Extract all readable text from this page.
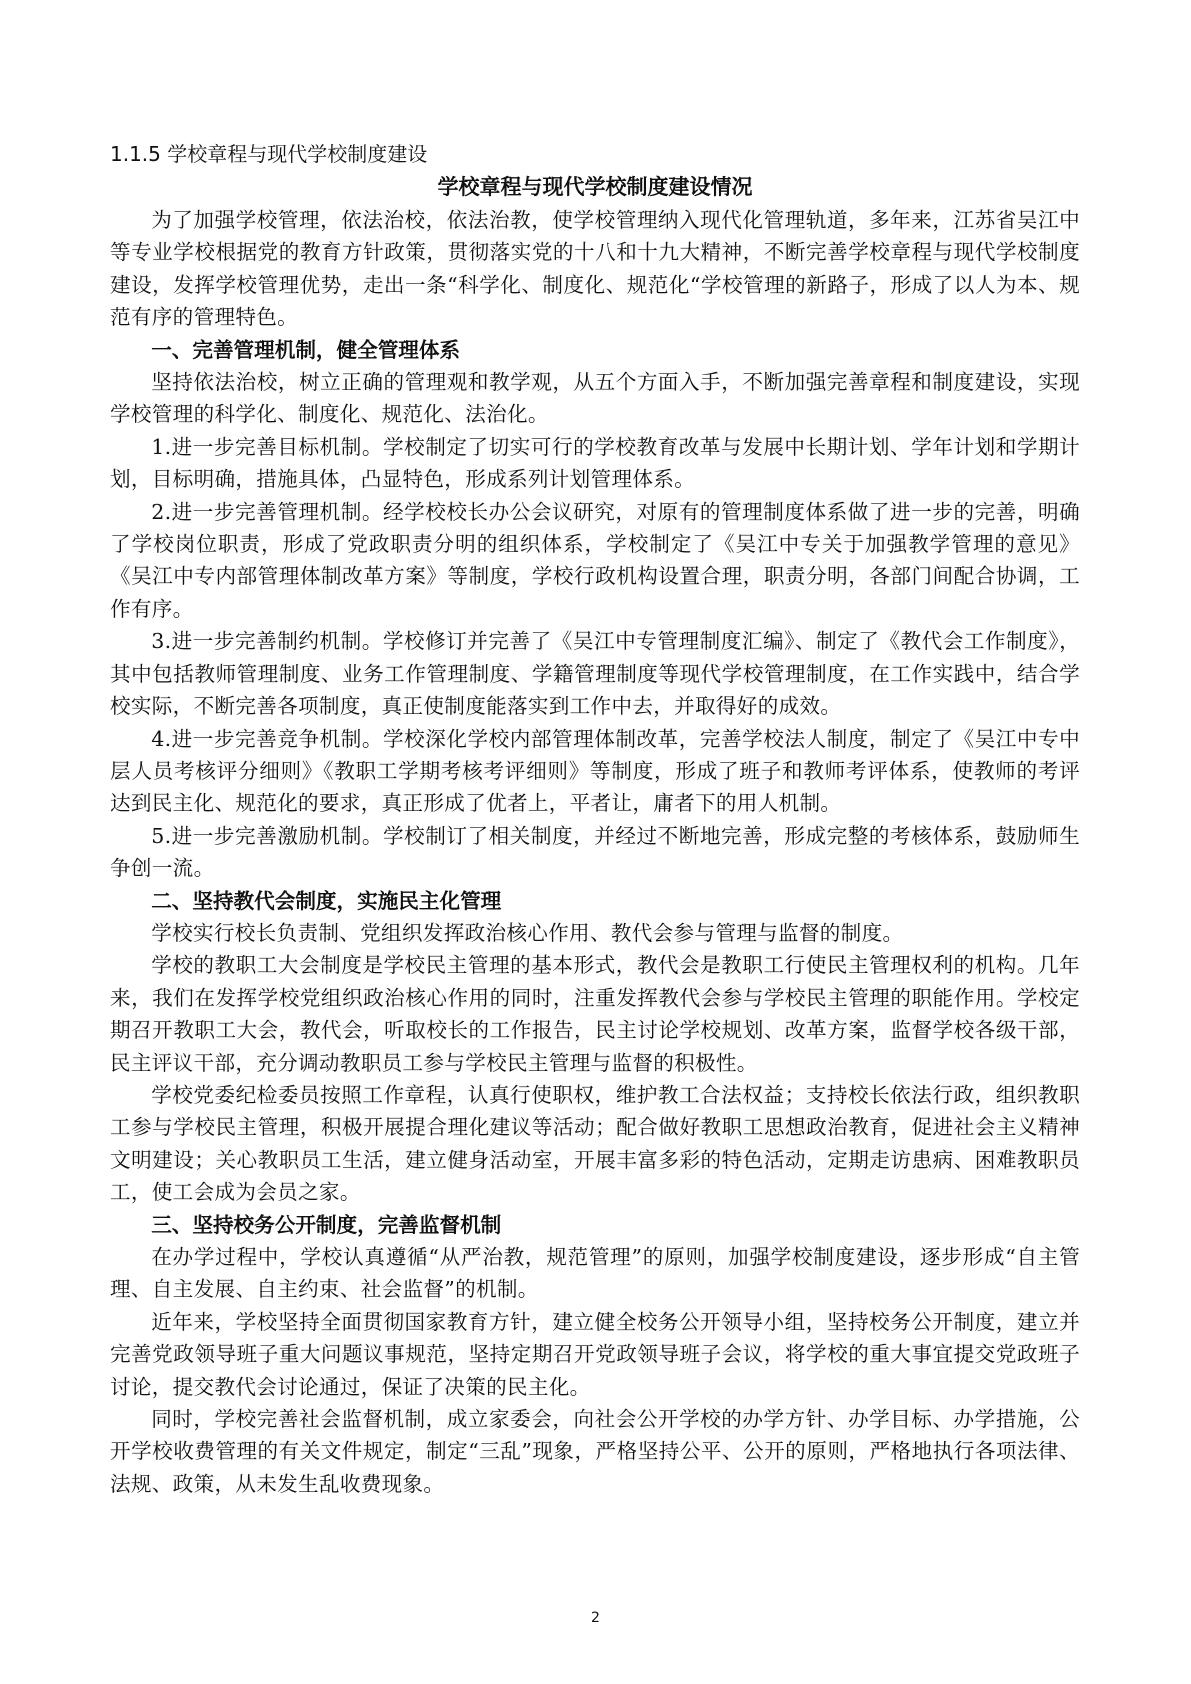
1.1.5 学校章程与现代学校制度建设
学校章程与现代学校制度建设情况

为了加强学校管理，依法治校，依法治教，使学校管理纳入现代化管理轨道，多年来，江苏省吴江中等专业学校根据党的教育方针政策，贯彻落实党的十八和十九大精神，不断完善学校章程与现代学校制度建设，发挥学校管理优势，走出一条“科学化、制度化、规范化“学校管理的新路子，形成了以人为本、规范有序的管理特色。

一、完善管理机制，健全管理体系

坚持依法治校，树立正确的管理观和教学观，从五个方面入手，不断加强完善章程和制度建设，实现学校管理的科学化、制度化、规范化、法治化。

1.进一步完善目标机制。学校制定了切实可行的学校教育改革与发展中长期计划、学年计划和学期计划，目标明确，措施具体，凸显特色，形成系列计划管理体系。

2.进一步完善管理机制。经学校校长办公会议研究，对原有的管理制度体系做了进一步的完善，明确了学校岗位职责，形成了党政职责分明的组织体系，学校制定了《吴江中专关于加强教学管理的意见》《吴江中专内部管理体制改革方案》等制度，学校行政机构设置合理，职责分明，各部门间配合协调，工作有序。

3.进一步完善制约机制。学校修订并完善了《吴江中专管理制度汇编》、制定了《教代会工作制度》，其中包括教师管理制度、业务工作管理制度、学籍管理制度等现代学校管理制度，在工作实践中，结合学校实际，不断完善各项制度，真正使制度能落实到工作中去，并取得好的成效。

4.进一步完善竞争机制。学校深化学校内部管理体制改革，完善学校法人制度，制定了《吴江中专中层人员考核评分细则》《教职工学期考核考评细则》等制度，形成了班子和教师考评体系，使教师的考评达到民主化、规范化的要求，真正形成了优者上，平者让，庸者下的用人机制。

5.进一步完善激励机制。学校制订了相关制度，并经过不断地完善，形成完整的考核体系，鼓励师生争创一流。

二、坚持教代会制度，实施民主化管理

学校实行校长负责制、党组织发挥政治核心作用、教代会参与管理与监督的制度。

学校的教职工大会制度是学校民主管理的基本形式，教代会是教职工行使民主管理权利的机构。几年来，我们在发挥学校党组织政治核心作用的同时，注重发挥教代会参与学校民主管理的职能作用。学校定期召开教职工大会，教代会，听取校长的工作报告，民主讨论学校规划、改革方案，监督学校各级干部，民主评议干部，充分调动教职员工参与学校民主管理与监督的积极性。

学校党委纪检委员按照工作章程，认真行使职权，维护教工合法权益；支持校长依法行政，组织教职工参与学校民主管理，积极开展提合理化建议等活动；配合做好教职工思想政治教育，促进社会主义精神文明建设；关心教职员工生活，建立健身活动室，开展丰富多彩的特色活动，定期走访患病、困难教职员工，使工会成为会员之家。

三、坚持校务公开制度，完善监督机制

在办学过程中，学校认真遵循“从严治教，规范管理”的原则，加强学校制度建设，逐步形成“自主管理、自主发展、自主约束、社会监督”的机制。

近年来，学校坚持全面贯彻国家教育方针，建立健全校务公开领导小组，坚持校务公开制度，建立并完善党政领导班子重大问题议事规范，坚持定期召开党政领导班子会议，将学校的重大事宜提交党政班子讨论，提交教代会讨论通过，保证了决策的民主化。

同时，学校完善社会监督机制，成立家委会，向社会公开学校的办学方针、办学目标、办学措施，公开学校收费管理的有关文件规定，制定“三乱”现象，严格坚持公平、公开的原则，严格地执行各项法律、法规、政策，从未发生乱收费现象。

2
